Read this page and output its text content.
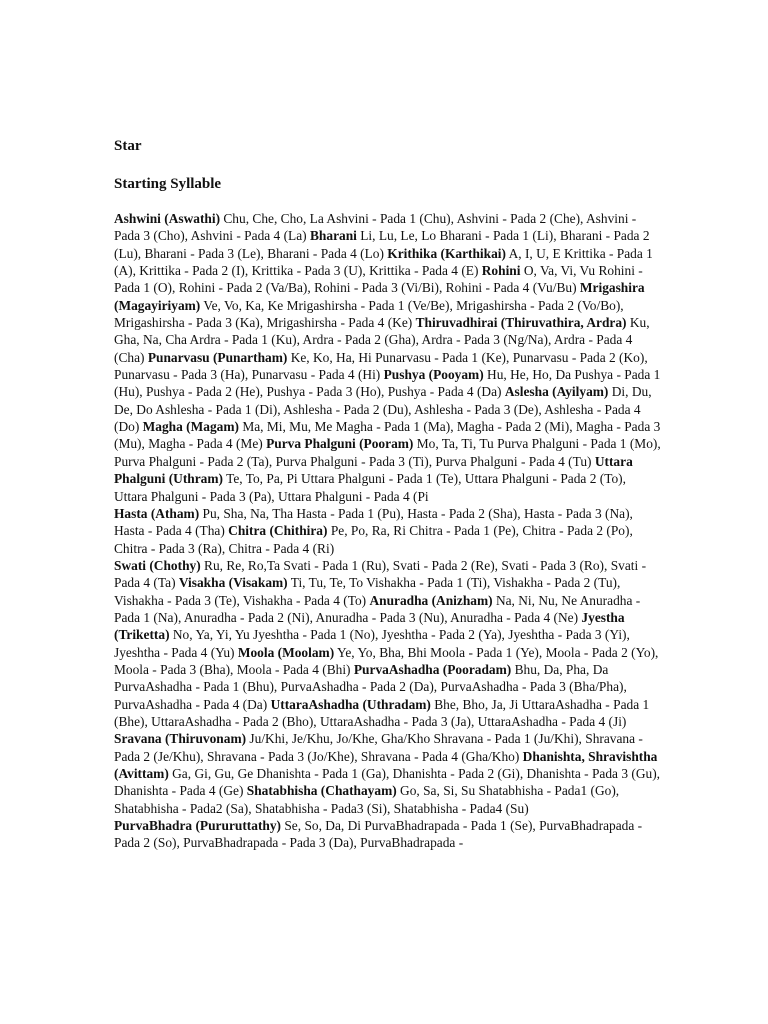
Star
Starting Syllable

Ashwini (Aswathi) Chu, Che, Cho, La Ashvini - Pada 1 (Chu), Ashvini - Pada 2 (Che), Ashvini - Pada 3 (Cho), Ashvini - Pada 4 (La) Bharani Li, Lu, Le, Lo Bharani - Pada 1 (Li), Bharani - Pada 2 (Lu), Bharani - Pada 3 (Le), Bharani - Pada 4 (Lo) Krithika (Karthikai) A, I, U, E Krittika - Pada 1 (A), Krittika - Pada 2 (I), Krittika - Pada 3 (U), Krittika - Pada 4 (E) Rohini O, Va, Vi, Vu Rohini - Pada 1 (O), Rohini - Pada 2 (Va/Ba), Rohini - Pada 3 (Vi/Bi), Rohini - Pada 4 (Vu/Bu) Mrigashira (Magayiriyam) Ve, Vo, Ka, Ke Mrigashirsha - Pada 1 (Ve/Be), Mrigashirsha - Pada 2 (Vo/Bo), Mrigashirsha - Pada 3 (Ka), Mrigashirsha - Pada 4 (Ke) Thiruvadhirai (Thiruvathira, Ardra) Ku, Gha, Na, Cha Ardra - Pada 1 (Ku), Ardra - Pada 2 (Gha), Ardra - Pada 3 (Ng/Na), Ardra - Pada 4 (Cha) Punarvasu (Punartham) Ke, Ko, Ha, Hi Punarvasu - Pada 1 (Ke), Punarvasu - Pada 2 (Ko), Punarvasu - Pada 3 (Ha), Punarvasu - Pada 4 (Hi) Pushya (Pooyam) Hu, He, Ho, Da Pushya - Pada 1 (Hu), Pushya - Pada 2 (He), Pushya - Pada 3 (Ho), Pushya - Pada 4 (Da) Aslesha (Ayilyam) Di, Du, De, Do Ashlesha - Pada 1 (Di), Ashlesha - Pada 2 (Du), Ashlesha - Pada 3 (De), Ashlesha - Pada 4 (Do) Magha (Magam) Ma, Mi, Mu, Me Magha - Pada 1 (Ma), Magha - Pada 2 (Mi), Magha - Pada 3 (Mu), Magha - Pada 4 (Me) Purva Phalguni (Pooram) Mo, Ta, Ti, Tu Purva Phalguni - Pada 1 (Mo), Purva Phalguni - Pada 2 (Ta), Purva Phalguni - Pada 3 (Ti), Purva Phalguni - Pada 4 (Tu) Uttara Phalguni (Uthram) Te, To, Pa, Pi Uttara Phalguni - Pada 1 (Te), Uttara Phalguni - Pada 2 (To), Uttara Phalguni - Pada 3 (Pa), Uttara Phalguni - Pada 4 (Pi

Hasta (Atham) Pu, Sha, Na, Tha Hasta - Pada 1 (Pu), Hasta - Pada 2 (Sha), Hasta - Pada 3 (Na), Hasta - Pada 4 (Tha) Chitra (Chithira) Pe, Po, Ra, Ri Chitra - Pada 1 (Pe), Chitra - Pada 2 (Po), Chitra - Pada 3 (Ra), Chitra - Pada 4 (Ri)

Swati (Chothy) Ru, Re, Ro,Ta Svati - Pada 1 (Ru), Svati - Pada 2 (Re), Svati - Pada 3 (Ro), Svati - Pada 4 (Ta) Visakha (Visakam) Ti, Tu, Te, To Vishakha - Pada 1 (Ti), Vishakha - Pada 2 (Tu), Vishakha - Pada 3 (Te), Vishakha - Pada 4 (To) Anuradha (Anizham) Na, Ni, Nu, Ne Anuradha - Pada 1 (Na), Anuradha - Pada 2 (Ni), Anuradha - Pada 3 (Nu), Anuradha - Pada 4 (Ne) Jyestha (Triketta) No, Ya, Yi, Yu Jyeshtha - Pada 1 (No), Jyeshtha - Pada 2 (Ya), Jyeshtha - Pada 3 (Yi), Jyeshtha - Pada 4 (Yu) Moola (Moolam) Ye, Yo, Bha, Bhi Moola - Pada 1 (Ye), Moola - Pada 2 (Yo), Moola - Pada 3 (Bha), Moola - Pada 4 (Bhi) PurvaAshadha (Pooradam) Bhu, Da, Pha, Da PurvaAshadha - Pada 1 (Bhu), PurvaAshadha - Pada 2 (Da), PurvaAshadha - Pada 3 (Bha/Pha), PurvaAshadha - Pada 4 (Da) UttaraAshadha (Uthradam) Bhe, Bho, Ja, Ji UttaraAshadha - Pada 1 (Bhe), UttaraAshadha - Pada 2 (Bho), UttaraAshadha - Pada 3 (Ja), UttaraAshadha - Pada 4 (Ji) Sravana (Thiruvonam) Ju/Khi, Je/Khu, Jo/Khe, Gha/Kho Shravana - Pada 1 (Ju/Khi), Shravana - Pada 2 (Je/Khu), Shravana - Pada 3 (Jo/Khe), Shravana - Pada 4 (Gha/Kho) Dhanishta, Shravishtha (Avittam) Ga, Gi, Gu, Ge Dhanishta - Pada 1 (Ga), Dhanishta - Pada 2 (Gi), Dhanishta - Pada 3 (Gu), Dhanishta - Pada 4 (Ge) Shatabhisha (Chathayam) Go, Sa, Si, Su Shatabhisha - Pada1 (Go), Shatabhisha - Pada2 (Sa), Shatabhisha - Pada3 (Si), Shatabhisha - Pada4 (Su)

PurvaBhadra (Pururuttathy) Se, So, Da, Di PurvaBhadrapada - Pada 1 (Se), PurvaBhadrapada - Pada 2 (So), PurvaBhadrapada - Pada 3 (Da), PurvaBhadrapada -
